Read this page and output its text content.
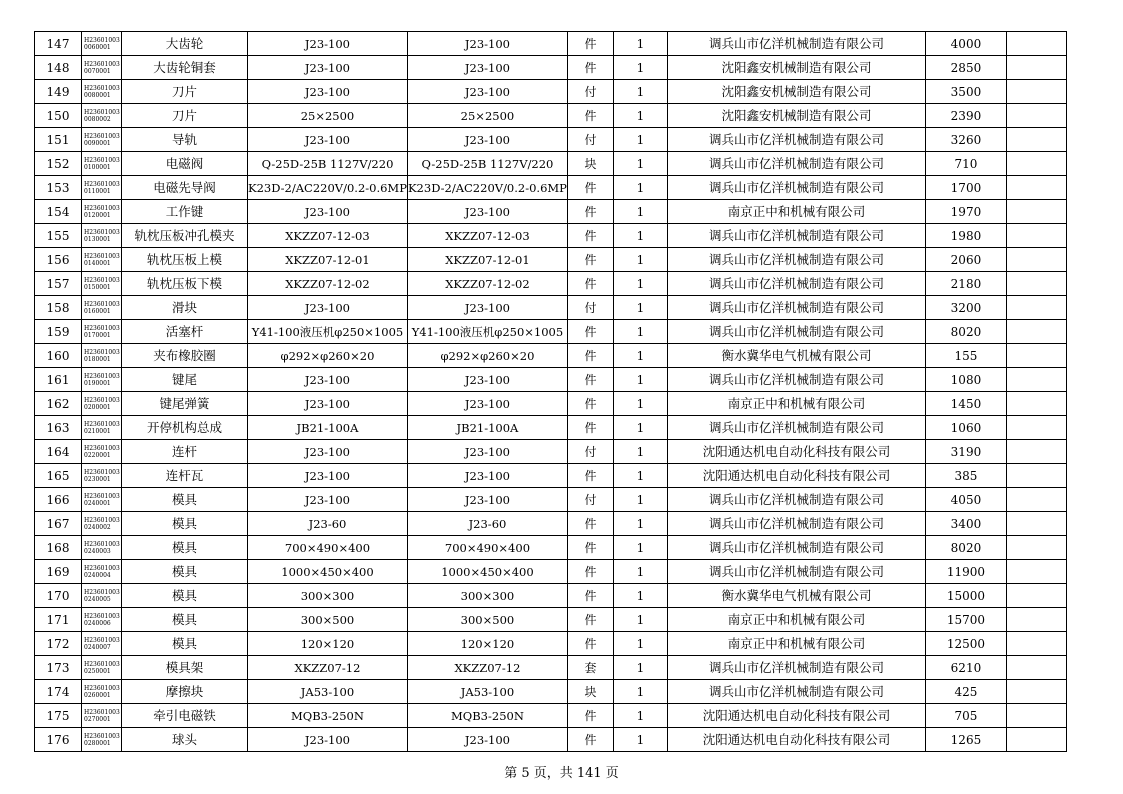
147	H23601003 0060001	大齿轮	J23-100	J23-100	件	1	调兵山市亿洋机械制造有限公司	4000	
148	H23601003 0070001	大齿轮铜套	J23-100	J23-100	件	1	沈阳鑫安机械制造有限公司	2850	
149	H23601003 0080001	刀片	J23-100	J23-100	付	1	沈阳鑫安机械制造有限公司	3500	
150	H23601003 0080002	刀片	25×2500	25×2500	件	1	沈阳鑫安机械制造有限公司	2390	
151	H23601003 0090001	导轨	J23-100	J23-100	付	1	调兵山市亿洋机械制造有限公司	3260	
152	H23601003 0100001	电磁阀	Q-25D-25B 1127V/220	Q-25D-25B 1127V/220	块	1	调兵山市亿洋机械制造有限公司	710	
153	H23601003 0110001	电磁先导阀	K23D-2/AC220V/0.2-0.6MP	K23D-2/AC220V/0.2-0.6MP	件	1	调兵山市亿洋机械制造有限公司	1700	
154	H23601003 0120001	工作键	J23-100	J23-100	件	1	南京正中和机械有限公司	1970	
155	H23601003 0130001	轨枕压板冲孔模夹	XKZZ07-12-03	XKZZ07-12-03	件	1	调兵山市亿洋机械制造有限公司	1980	
156	H23601003 0140001	轨枕压板上模	XKZZ07-12-01	XKZZ07-12-01	件	1	调兵山市亿洋机械制造有限公司	2060	
157	H23601003 0150001	轨枕压板下模	XKZZ07-12-02	XKZZ07-12-02	件	1	调兵山市亿洋机械制造有限公司	2180	
158	H23601003 0160001	滑块	J23-100	J23-100	付	1	调兵山市亿洋机械制造有限公司	3200	
159	H23601003 0170001	活塞杆	Y41-100液压机φ250×1005	Y41-100液压机φ250×1005	件	1	调兵山市亿洋机械制造有限公司	8020	
160	H23601003 0180001	夹布橡胶圈	φ292×φ260×20	φ292×φ260×20	件	1	衡水冀华电气机械有限公司	155	
161	H23601003 0190001	键尾	J23-100	J23-100	件	1	调兵山市亿洋机械制造有限公司	1080	
162	H23601003 0200001	键尾弹簧	J23-100	J23-100	件	1	南京正中和机械有限公司	1450	
163	H23601003 0210001	开停机构总成	JB21-100A	JB21-100A	件	1	调兵山市亿洋机械制造有限公司	1060	
164	H23601003 0220001	连杆	J23-100	J23-100	付	1	沈阳通达机电自动化科技有限公司	3190	
165	H23601003 0230001	连杆瓦	J23-100	J23-100	件	1	沈阳通达机电自动化科技有限公司	385	
166	H23601003 0240001	模具	J23-100	J23-100	付	1	调兵山市亿洋机械制造有限公司	4050	
167	H23601003 0240002	模具	J23-60	J23-60	件	1	调兵山市亿洋机械制造有限公司	3400	
168	H23601003 0240003	模具	700×490×400	700×490×400	件	1	调兵山市亿洋机械制造有限公司	8020	
169	H23601003 0240004	模具	1000×450×400	1000×450×400	件	1	调兵山市亿洋机械制造有限公司	11900	
170	H23601003 0240005	模具	300×300	300×300	件	1	衡水冀华电气机械有限公司	15000	
171	H23601003 0240006	模具	300×500	300×500	件	1	南京正中和机械有限公司	15700	
172	H23601003 0240007	模具	120×120	120×120	件	1	南京正中和机械有限公司	12500	
173	H23601003 0250001	模具架	XKZZ07-12	XKZZ07-12	套	1	调兵山市亿洋机械制造有限公司	6210	
174	H23601003 0260001	摩擦块	JA53-100	JA53-100	块	1	调兵山市亿洋机械制造有限公司	425	
175	H23601003 0270001	牵引电磁铁	MQB3-250N	MQB3-250N	件	1	沈阳通达机电自动化科技有限公司	705	
176	H23601003 0280001	球头	J23-100	J23-100	件	1	沈阳通达机电自动化科技有限公司	1265	
第 5 页，共 141 页
